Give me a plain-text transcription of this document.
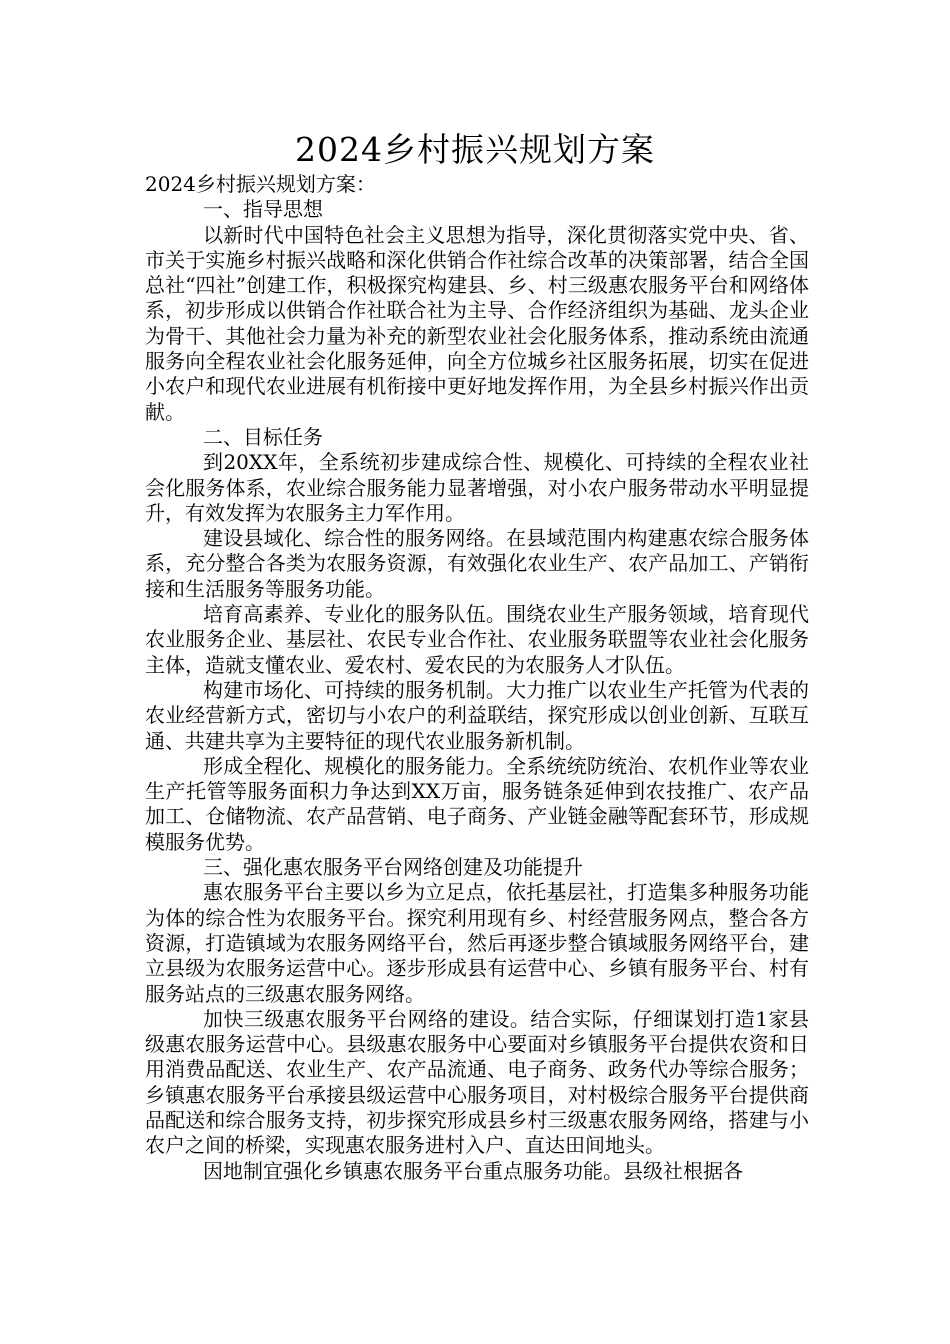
2024乡村振兴规划方案

2024乡村振兴规划方案：

一、指导思想

以新时代中国特色社会主义思想为指导，深化贯彻落实党中央、省、市关于实施乡村振兴战略和深化供销合作社综合改革的决策部署，结合全国总社“四社”创建工作，积极探究构建县、乡、村三级惠农服务平台和网络体系，初步形成以供销合作社联合社为主导、合作经济组织为基础、龙头企业为骨干、其他社会力量为补充的新型农业社会化服务体系，推动系统由流通服务向全程农业社会化服务延伸，向全方位城乡社区服务拓展，切实在促进小农户和现代农业进展有机衔接中更好地发挥作用，为全县乡村振兴作出贡献。

二、目标任务

到20XX年，全系统初步建成综合性、规模化、可持续的全程农业社会化服务体系，农业综合服务能力显著增强，对小农户服务带动水平明显提升，有效发挥为农服务主力军作用。

建设县域化、综合性的服务网络。在县域范围内构建惠农综合服务体系，充分整合各类为农服务资源，有效强化农业生产、农产品加工、产销衔接和生活服务等服务功能。

培育高素养、专业化的服务队伍。围绕农业生产服务领域，培育现代农业服务企业、基层社、农民专业合作社、农业服务联盟等农业社会化服务主体，造就支懂农业、爱农村、爱农民的为农服务人才队伍。

构建市场化、可持续的服务机制。大力推广以农业生产托管为代表的农业经营新方式，密切与小农户的利益联结，探究形成以创业创新、互联互通、共建共享为主要特征的现代农业服务新机制。

形成全程化、规模化的服务能力。全系统统防统治、农机作业等农业生产托管等服务面积力争达到XX万亩，服务链条延伸到农技推广、农产品加工、仓储物流、农产品营销、电子商务、产业链金融等配套环节，形成规模服务优势。

三、强化惠农服务平台网络创建及功能提升

惠农服务平台主要以乡为立足点，依托基层社，打造集多种服务功能为体的综合性为农服务平台。探究利用现有乡、村经营服务网点，整合各方资源，打造镇域为农服务网络平台，然后再逐步整合镇域服务网络平台，建立县级为农服务运营中心。逐步形成县有运营中心、乡镇有服务平台、村有服务站点的三级惠农服务网络。

加快三级惠农服务平台网络的建设。结合实际，仔细谋划打造1家县级惠农服务运营中心。县级惠农服务中心要面对乡镇服务平台提供农资和日用消费品配送、农业生产、农产品流通、电子商务、政务代办等综合服务；乡镇惠农服务平台承接县级运营中心服务项目，对村极综合服务平台提供商品配送和综合服务支持，初步探究形成县乡村三级惠农服务网络，搭建与小农户之间的桥梁，实现惠农服务进村入户、直达田间地头。

因地制宜强化乡镇惠农服务平台重点服务功能。县级社根据各
